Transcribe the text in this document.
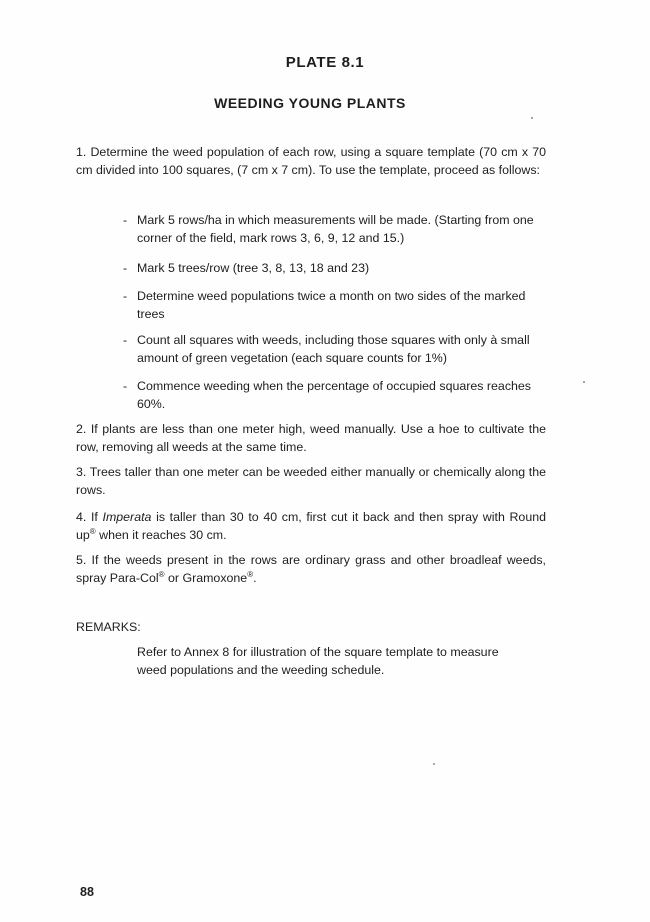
PLATE 8.1
WEEDING YOUNG PLANTS
1. Determine the weed population of each row, using a square template (70 cm x 70 cm divided into 100 squares, (7 cm x 7 cm). To use the template, proceed as follows:
- Mark 5 rows/ha in which measurements will be made. (Starting from one corner of the field, mark rows 3, 6, 9, 12 and 15.)
- Mark 5 trees/row (tree 3, 8, 13, 18 and 23)
- Determine weed populations twice a month on two sides of the marked trees
- Count all squares with weeds, including those squares with only à small amount of green vegetation (each square counts for 1%)
- Commence weeding when the percentage of occupied squares reaches 60%.
2. If plants are less than one meter high, weed manually. Use a hoe to cultivate the row, removing all weeds at the same time.
3. Trees taller than one meter can be weeded either manually or chemically along the rows.
4. If Imperata is taller than 30 to 40 cm, first cut it back and then spray with Round up® when it reaches 30 cm.
5. If the weeds present in the rows are ordinary grass and other broadleaf weeds, spray Para-Col® or Gramoxone®.
REMARKS:
Refer to Annex 8 for illustration of the square template to measure weed populations and the weeding schedule.
88
